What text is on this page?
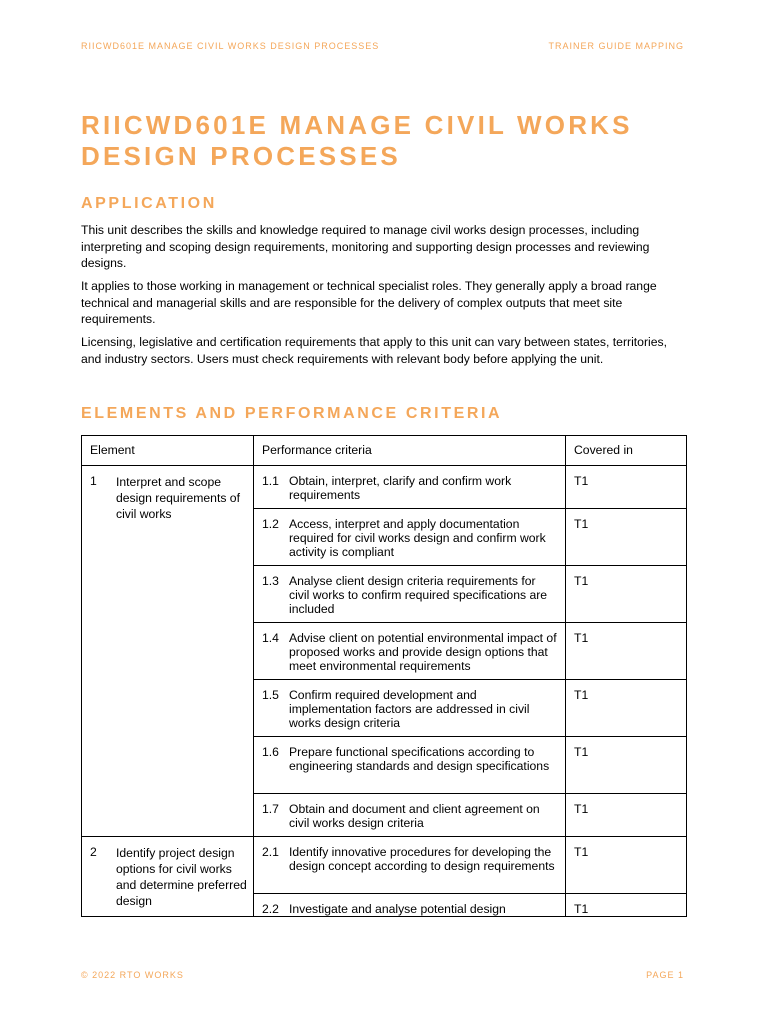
RIICWD601E MANAGE CIVIL WORKS DESIGN PROCESSES	TRAINER GUIDE MAPPING
RIICWD601E MANAGE CIVIL WORKS DESIGN PROCESSES
APPLICATION

This unit describes the skills and knowledge required to manage civil works design processes, including interpreting and scoping design requirements, monitoring and supporting design processes and reviewing designs.

It applies to those working in management or technical specialist roles. They generally apply a broad range technical and managerial skills and are responsible for the delivery of complex outputs that meet site requirements.

Licensing, legislative and certification requirements that apply to this unit can vary between states, territories, and industry sectors. Users must check requirements with relevant body before applying the unit.

ELEMENTS AND PERFORMANCE CRITERIA
Element	Performance criteria	Covered in

1 Interpret and scope design requirements of civil works	1.1 Obtain, interpret, clarify and confirm work requirements	T1

	1.2 Access, interpret and apply documentation required for civil works design and confirm work activity is compliant	T1

	1.3 Analyse client design criteria requirements for civil works to confirm required specifications are included	T1

	1.4 Advise client on potential environmental impact of proposed works and provide design options that meet environmental requirements	T1

	1.5 Confirm required development and implementation factors are addressed in civil works design criteria	T1

	1.6 Prepare functional specifications according to engineering standards and design specifications	T1

	1.7 Obtain and document and client agreement on civil works design criteria	T1

2 Identify project design options for civil works and determine preferred design	2.1 Identify innovative procedures for developing the design concept according to design requirements	T1

	2.2 Investigate and analyse potential design	T1
© 2022 RTO WORKS	PAGE 1
